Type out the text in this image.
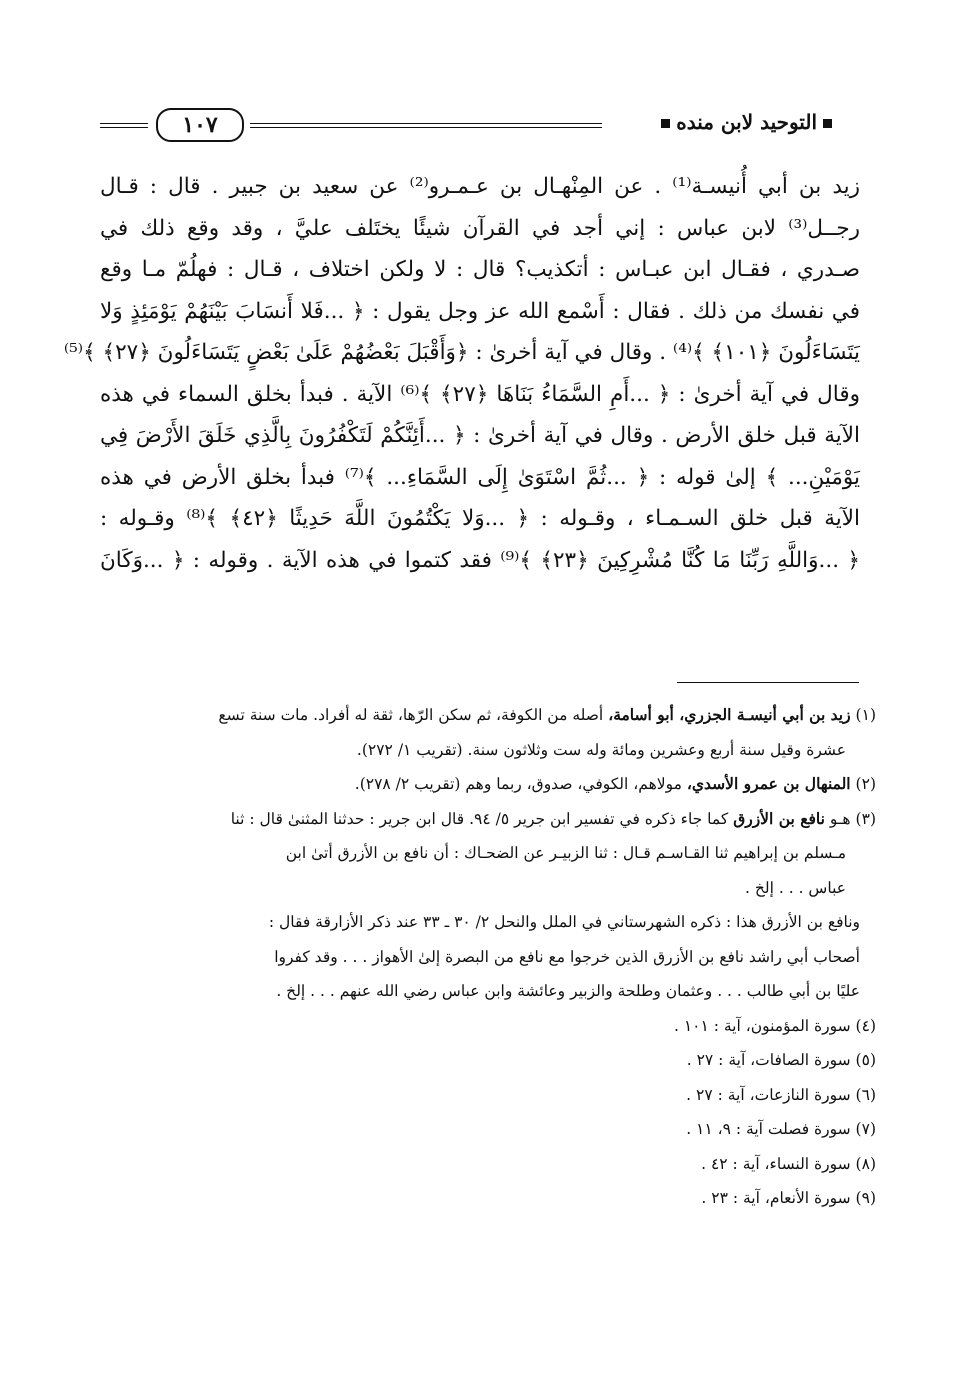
١٠٧	التوحيد لابن منده
زيد بن أبي أُنيسـة⁽¹⁾ . عن المِنْهـال بن عـمـرو⁽²⁾ عن سعيد بن جبير . قال : قـال
رجــل⁽³⁾ لابن عباس : إني أجد في القرآن شيئًا يختَلف عليَّ ، وقد وقع ذلك في
صـدري ، فقـال ابن عبـاس : أتكذيب؟ قال : لا ولكن اختلاف ، قـال : فهلُمّ مـا وقع
في نفسك من ذلك . فقال : أَسْمع الله عز وجل يقول : ﴿ ...فَلا أَنسَابَ بَيْنَهُمْ يَوْمَئِذٍ وَلا
يَتَسَاءَلُونَ ﴿١٠١﴾ ﴾⁽⁴⁾ . وقال في آية أخرىٰ : ﴿وَأَقْبَلَ بَعْضُهُمْ عَلَىٰ بَعْضٍ يَتَسَاءَلُونَ ﴿٢٧﴾ ﴾⁽⁵⁾
وقال في آية أخرىٰ : ﴿ ...أَمِ السَّمَاءُ بَنَاهَا ﴿٢٧﴾ ﴾⁽⁶⁾ الآية . فبدأ بخلق السماء في هذه
الآية قبل خلق الأرض . وقال في آية أخرىٰ : ﴿ ...أَئِنَّكُمْ لَتَكْفُرُونَ بِالَّذِي خَلَقَ الأَرْضَ فِي
يَوْمَيْنِ... ﴾ إلىٰ قوله : ﴿ ...ثُمَّ اسْتَوَىٰ إِلَى السَّمَاءِ... ﴾⁽⁷⁾ فبدأ بخلق الأرض في هذه
الآية قبل خلق السـمـاء ، وقـوله : ﴿ ...وَلا يَكْتُمُونَ اللَّهَ حَدِيثًا ﴿٤٢﴾ ﴾⁽⁸⁾ وقـوله :
﴿ ...وَاللَّهِ رَبِّنَا مَا كُنَّا مُشْرِكِينَ ﴿٢٣﴾ ﴾⁽⁹⁾ فقد كتموا في هذه الآية . وقوله : ﴿ ...وَكَانَ
(١) زيد بن أبي أنيسـة الجزري، أبو أسامة، أصله من الكوفة، ثم سكن الرّها، ثقة له أفراد. مات سنة تسع
عشرة وقيل سنة أربع وعشرين ومائة وله ست وثلاثون سنة. (تقريب ١/ ٢٧٢).
(٢) المنهال بن عمرو الأسدي، مولاهم، الكوفي، صدوق، ربما وهم (تقريب ٢/ ٢٧٨).
(٣) هـو نافع بن الأزرق كما جاء ذكره في تفسير ابن جرير ٥/ ٩٤. قال ابن جرير : حدثنا المثنىٰ قال : ثنا
مـسلم بن إبراهيم ثنا القـاسـم قـال : ثنا الزبيـر عن الضحـاك : أن نافع بن الأزرق أتىٰ ابن
عباس . . . إلخ .
ونافع بن الأزرق هذا : ذكره الشهرستاني في الملل والنحل ٢/ ٣٠ ـ ٣٣ عند ذكر الأزارقة فقال :
أصحاب أبي راشد نافع بن الأزرق الذين خرجوا مع نافع من البصرة إلىٰ الأهواز . . . وقد كفروا
عليًا بن أبي طالب . . . وعثمان وطلحة والزبير وعائشة وابن عباس رضي الله عنهم . . . إلخ .
(٤) سورة المؤمنون، آية : ١٠١ .
(٥) سورة الصافات، آية : ٢٧ .
(٦) سورة النازعات، آية : ٢٧ .
(٧) سورة فصلت آية : ٩، ١١ .
(٨) سورة النساء، آية : ٤٢ .
(٩) سورة الأنعام، آية : ٢٣ .
